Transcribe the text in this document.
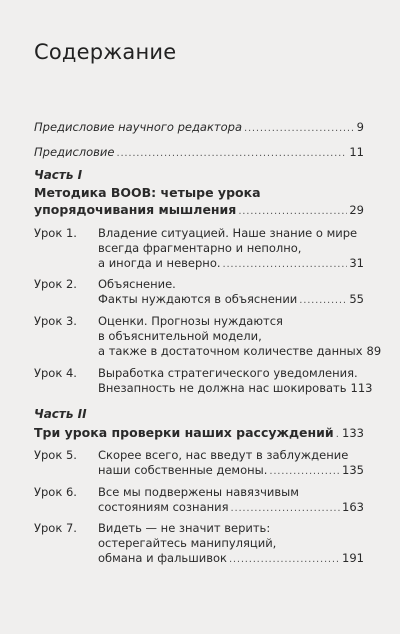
Содержание
Предисловие научного редактора . . .	9
Предисловие . . .	11
Часть I
Методика BOOB: четыре урока
упорядочивания мышления . . .	29
Урок 1. Владение ситуацией. Наше знание о мире
всегда фрагментарно и неполно,
а иногда и неверно. . . .	31
Урок 2. Объяснение.
Факты нуждаются в объяснении . . .	55
Урок 3. Оценки. Прогнозы нуждаются
в объяснительной модели,
а также в достаточном количестве данных 89
Урок 4. Выработка стратегического уведомления.
Внезапность не должна нас шокировать 113
Часть II
Три урока проверки наших рассуждений . . . 133
Урок 5. Скорее всего, нас введут в заблуждение
наши собственные демоны. . . .	135
Урок 6. Все мы подвержены навязчивым
состояниям сознания . . .	163
Урок 7. Видеть — не значит верить:
остерегайтесь манипуляций,
обмана и фальшивок . . .	191
